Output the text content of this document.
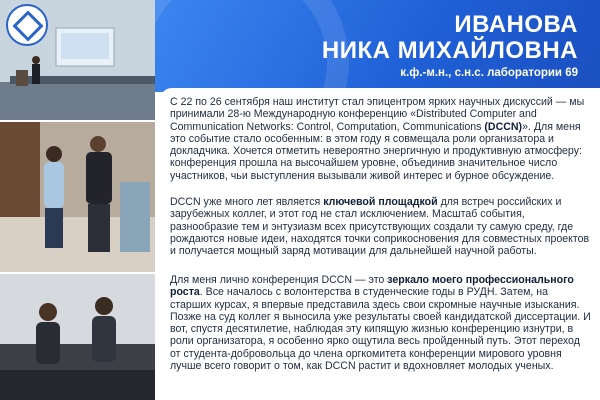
ИВАНОВА
НИКА МИХАЙЛОВНА
к.ф.-м.н., с.н.с. лаборатории 69

С 22 по 26 сентября наш институт стал эпицентром ярких научных дискуссий — мы принимали 28-ю Международную конференцию «Distributed Computer and Communication Networks: Control, Computation, Communications (DCCN)». Для меня это событие стало особенным: в этом году я совмещала роли организатора и докладчика. Хочется отметить невероятно энергичную и продуктивную атмосферу: конференция прошла на высочайшем уровне, объединив значительное число участников, чьи выступления вызывали живой интерес и бурное обсуждение.

DCCN уже много лет является ключевой площадкой для встреч российских и зарубежных коллег, и этот год не стал исключением. Масштаб события, разнообразие тем и энтузиазм всех присутствующих создали ту самую среду, где рождаются новые идеи, находятся точки соприкосновения для совместных проектов и получается мощный заряд мотивации для дальнейшей научной работы.

Для меня лично конференция DCCN — это зеркало моего профессионального роста. Все началось с волонтерства в студенческие годы в РУДН. Затем, на старших курсах, я впервые представила здесь свои скромные научные изыскания. Позже на суд коллег я выносила уже результаты своей кандидатской диссертации. И вот, спустя десятилетие, наблюдая эту кипящую жизнью конференцию изнутри, в роли организатора, я особенно ярко ощутила весь пройденный путь. Этот переход от студента-добровольца до члена оргкомитета конференции мирового уровня лучше всего говорит о том, как DCCN растит и вдохновляет молодых ученых.
